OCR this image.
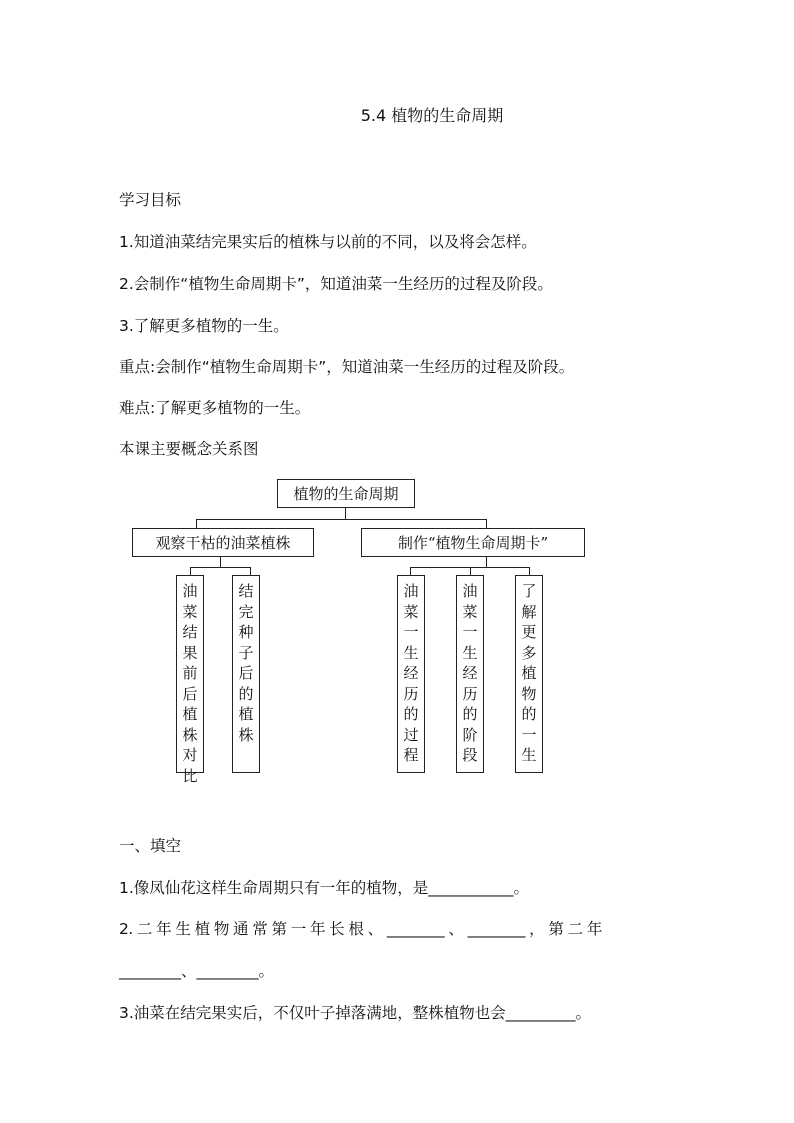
5.4 植物的生命周期
学习目标
1.知道油菜结完果实后的植株与以前的不同，以及将会怎样。
2.会制作“植物生命周期卡”，知道油菜一生经历的过程及阶段。
3.了解更多植物的一生。
重点:会制作“植物生命周期卡”，知道油菜一生经历的过程及阶段。
难点:了解更多植物的一生。
本课主要概念关系图
植物的生命周期
观察干枯的油菜植株	制作“植物生命周期卡”
油
菜
结
果
前
后
植
株
对
比
结
完
种
子
后
的
植
株
油
菜
一
生
经
历
的
过
程
油
菜
一
生
经
历
的
阶
段
了
解
更
多
植
物
的
一
生
一、填空
1.像凤仙花这样生命周期只有一年的植物，是___________。
2. 二 年 生 植 物 通 常 第 一 年 长 根 、 ________ 、 ________ ， 第 二 年
________、________。
3.油菜在结完果实后，不仅叶子掉落满地，整株植物也会_________。
